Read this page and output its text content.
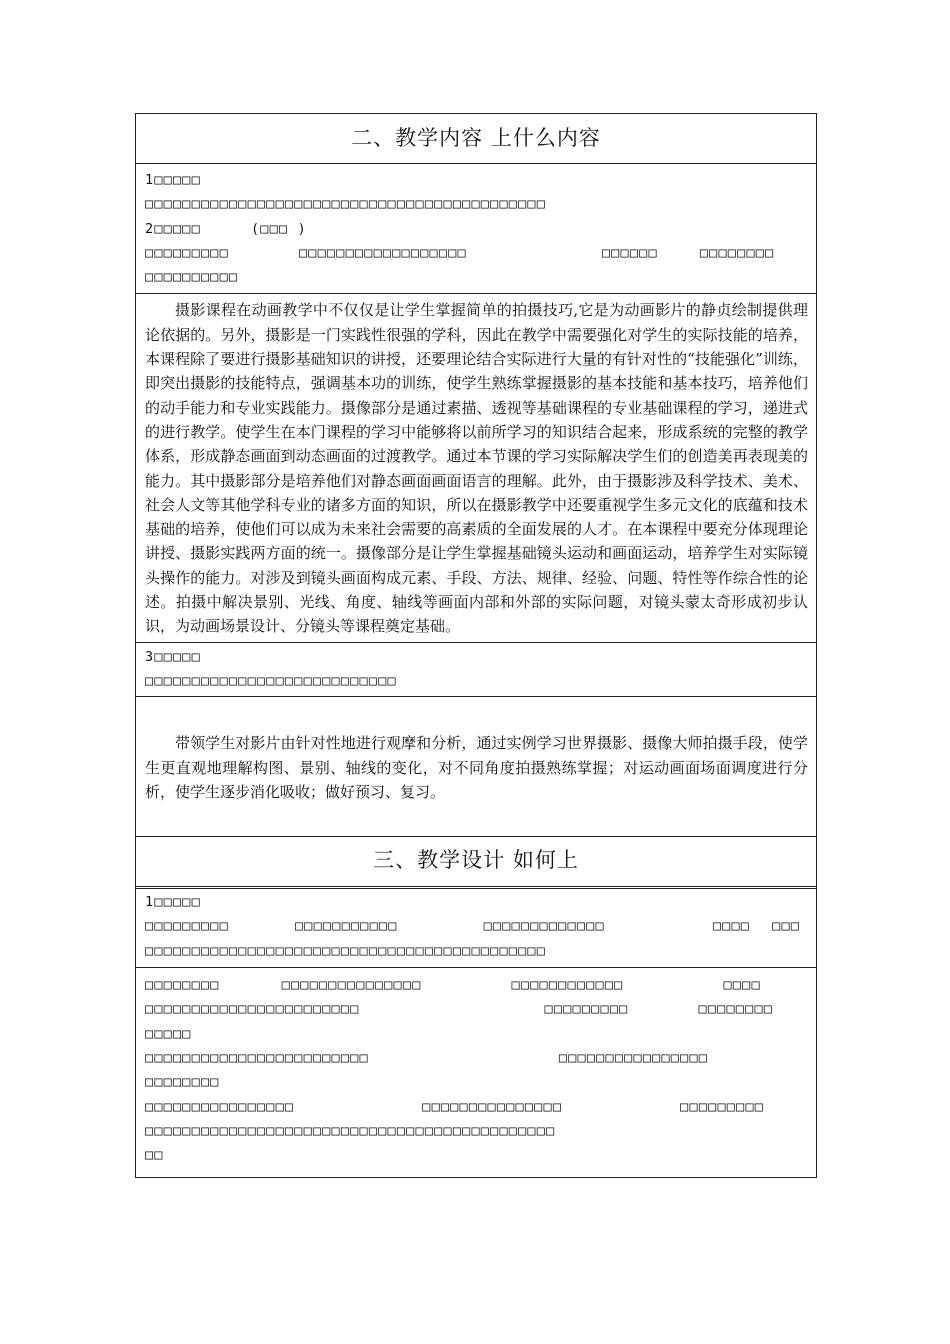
二、教学内容 上什么内容
1□□□□□
□□□□□□□□□□□□□□□□□□□□□□□□□□□□□□□□□□□□□□□□□□□
2□□□□□	(□□□ )
□□□□□□□□□	□□□□□□□□□□□□□□□□□□	□□□□□□	□□□□□□□□
□□□□□□□□□□
摄影课程在动画教学中不仅仅是让学生掌握简单的拍摄技巧,它是为动画影片的静贞绘制提供理论依据的。另外，摄影是一门实践性很强的学科，因此在教学中需要强化对学生的实际技能的培养，本课程除了要进行摄影基础知识的讲授，还要理论结合实际进行大量的有针对性的“技能强化”训练，即突出摄影的技能特点，强调基本功的训练，使学生熟练掌握摄影的基本技能和基本技巧，培养他们的动手能力和专业实践能力。摄像部分是通过素描、透视等基础课程的专业基础课程的学习，递进式的进行教学。使学生在本门课程的学习中能够将以前所学习的知识结合起来，形成系统的完整的教学体系，形成静态画面到动态画面的过渡教学。通过本节课的学习实际解决学生们的创造美再表现美的能力。其中摄影部分是培养他们对静态画面画面语言的理解。此外，由于摄影涉及科学技术、美术、社会人文等其他学科专业的诸多方面的知识，所以在摄影教学中还要重视学生多元文化的底蕴和技术基础的培养，使他们可以成为未来社会需要的高素质的全面发展的人才。在本课程中要充分体现理论讲授、摄影实践两方面的统一。摄像部分是让学生掌握基础镜头运动和画面运动，培养学生对实际镜头操作的能力。对涉及到镜头画面构成元素、手段、方法、规律、经验、问题、特性等作综合性的论述。拍摄中解决景别、光线、角度、轴线等画面内部和外部的实际问题，对镜头蒙太奇形成初步认识，为动画场景设计、分镜头等课程奠定基础。
3□□□□□
□□□□□□□□□□□□□□□□□□□□□□□□□□□
带领学生对影片由针对性地进行观摩和分析，通过实例学习世界摄影、摄像大师拍摄手段，使学生更直观地理解构图、景别、轴线的变化，对不同角度拍摄熟练掌握；对运动画面场面调度进行分析，使学生逐步消化吸收；做好预习、复习。
三、教学设计 如何上
1□□□□□
□□□□□□□□□	□□□□□□□□□□□	□□□□□□□□□□□□□	□□□□ □□□
□□□□□□□□□□□□□□□□□□□□□□□□□□□□□□□□□□□□□□□□□□□
□□□□□□□□	□□□□□□□□□□□□□□□	□□□□□□□□□□□□	□□□□
□□□□□□□□□□□□□□□□□□□□□□□	□□□□□□□□□	□□□□□□□□
□□□□□
□□□□□□□□□□□□□□□□□□□□□□□□	□□□□□□□□□□□□□□□□
□□□□□□□□
□□□□□□□□□□□□□□□□	□□□□□□□□□□□□□□□	□□□□□□□□□
□□□□□□□□□□□□□□□□□□□□□□□□□□□□□□□□□□□□□□□□□□□□
□□
